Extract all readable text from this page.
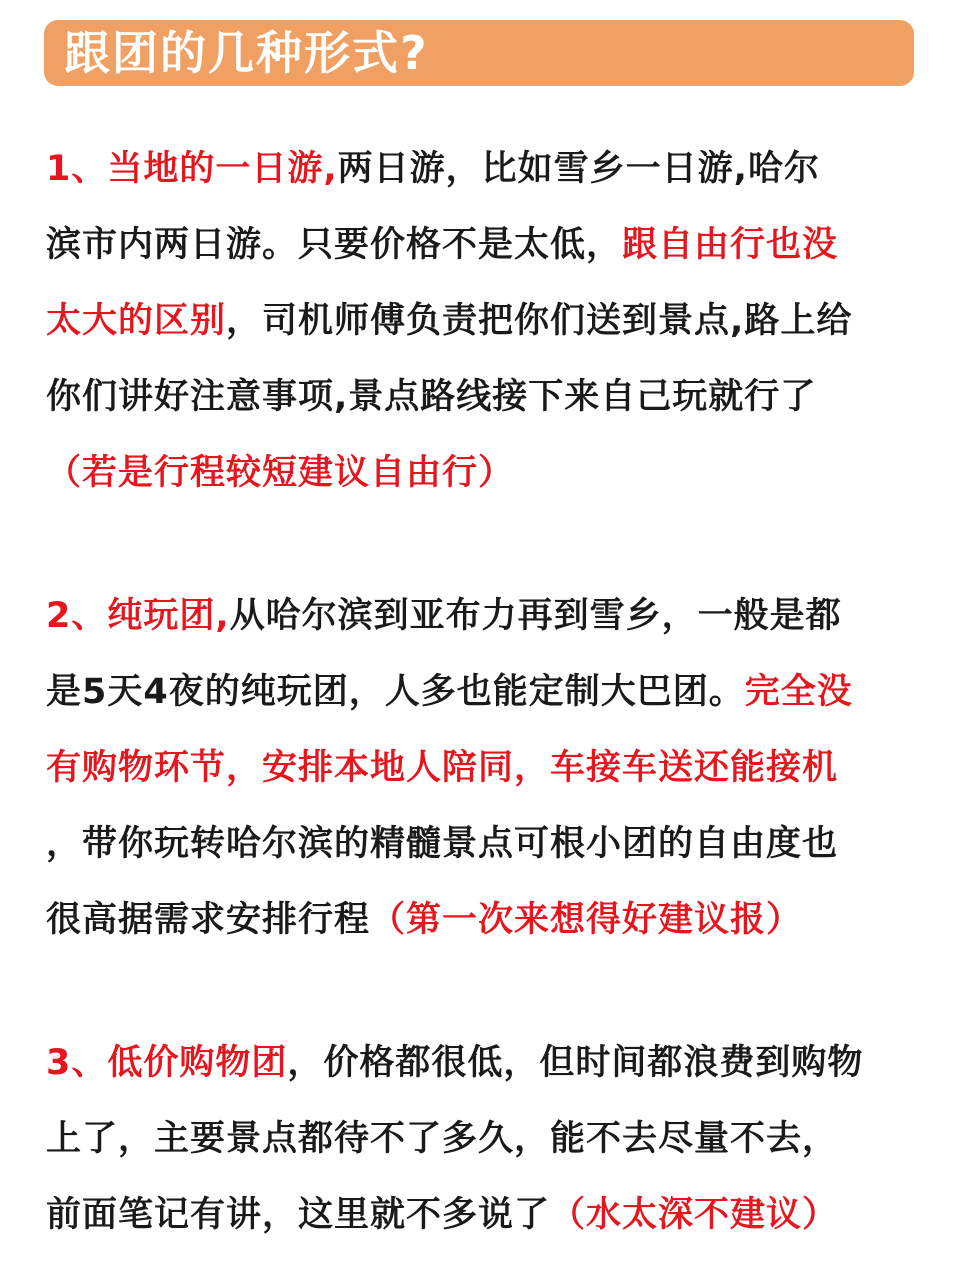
跟团的几种形式?
1、当地的一日游,两日游，比如雪乡一日游,哈尔
滨市内两日游。只要价格不是太低，跟自由行也没
太大的区别，司机师傅负责把你们送到景点,路上给
你们讲好注意事项,景点路线接下来自己玩就行了
（若是行程较短建议自由行）
2、纯玩团,从哈尔滨到亚布力再到雪乡，一般是都
是5天4夜的纯玩团，人多也能定制大巴团。完全没
有购物环节，安排本地人陪同，车接车送还能接机
，带你玩转哈尔滨的精髓景点可根小团的自由度也
很高据需求安排行程（第一次来想得好建议报）
3、低价购物团，价格都很低，但时间都浪费到购物
上了，主要景点都待不了多久，能不去尽量不去，
前面笔记有讲，这里就不多说了（水太深不建议）
